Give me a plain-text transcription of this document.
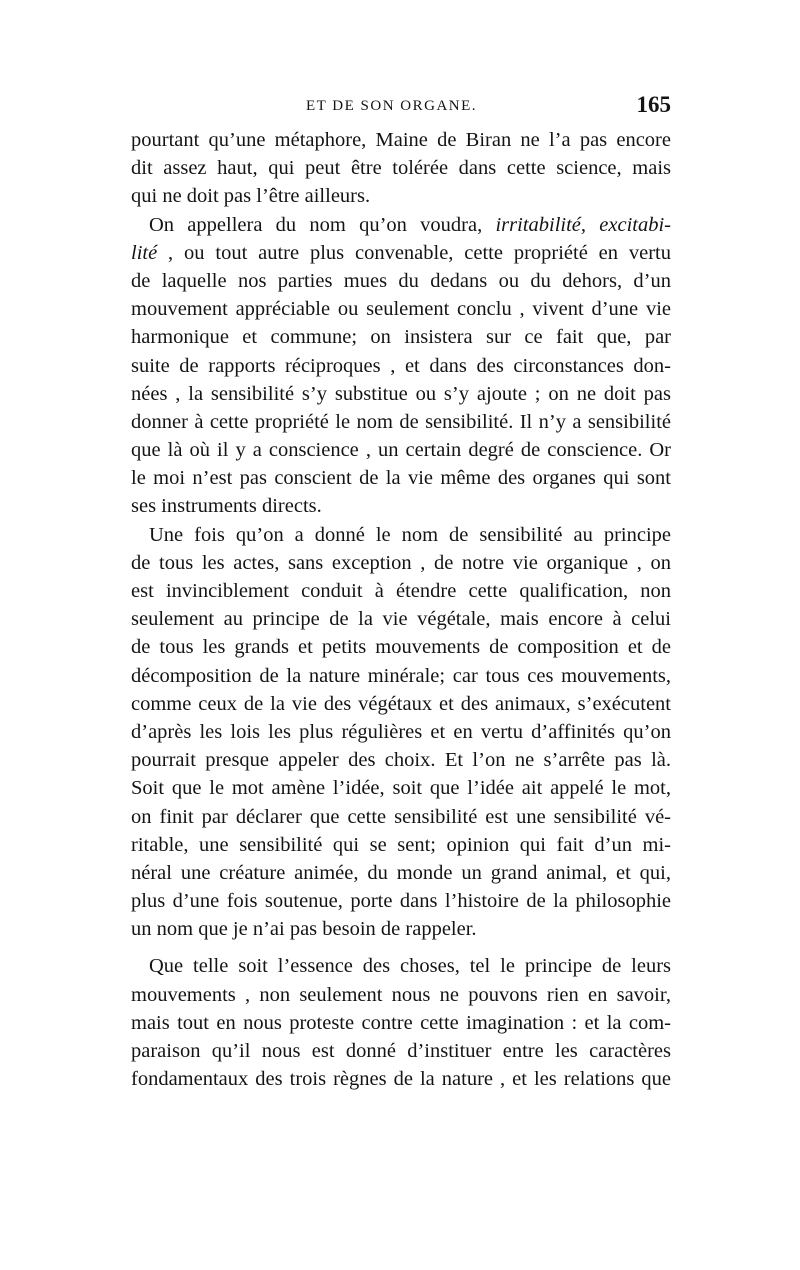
ET DE SON ORGANE.	165
pourtant qu’une métaphore, Maine de Biran ne l’a pas encore
dit assez haut, qui peut être tolérée dans cette science, mais
qui ne doit pas l’être ailleurs.
On appellera du nom qu’on voudra, irritabilité, excitabi-
lité , ou tout autre plus convenable, cette propriété en vertu
de laquelle nos parties mues du dedans ou du dehors, d’un
mouvement appréciable ou seulement conclu , vivent d’une vie
harmonique et commune; on insistera sur ce fait que, par
suite de rapports réciproques , et dans des circonstances don-
nées , la sensibilité s’y substitue ou s’y ajoute ; on ne doit pas
donner à cette propriété le nom de sensibilité. Il n’y a sensibilité
que là où il y a conscience , un certain degré de conscience. Or
le moi n’est pas conscient de la vie même des organes qui sont
ses instruments directs.
Une fois qu’on a donné le nom de sensibilité au principe
de tous les actes, sans exception , de notre vie organique , on
est invinciblement conduit à étendre cette qualification, non
seulement au principe de la vie végétale, mais encore à celui
de tous les grands et petits mouvements de composition et de
décomposition de la nature minérale; car tous ces mouvements,
comme ceux de la vie des végétaux et des animaux, s’exécutent
d’après les lois les plus régulières et en vertu d’affinités qu’on
pourrait presque appeler des choix. Et l’on ne s’arrête pas là.
Soit que le mot amène l’idée, soit que l’idée ait appelé le mot,
on finit par déclarer que cette sensibilité est une sensibilité vé-
ritable, une sensibilité qui se sent; opinion qui fait d’un mi-
néral une créature animée, du monde un grand animal, et qui,
plus d’une fois soutenue, porte dans l’histoire de la philosophie
un nom que je n’ai pas besoin de rappeler.
Que telle soit l’essence des choses, tel le principe de leurs
mouvements , non seulement nous ne pouvons rien en savoir,
mais tout en nous proteste contre cette imagination : et la com-
paraison qu’il nous est donné d’instituer entre les caractères
fondamentaux des trois règnes de la nature , et les relations que
